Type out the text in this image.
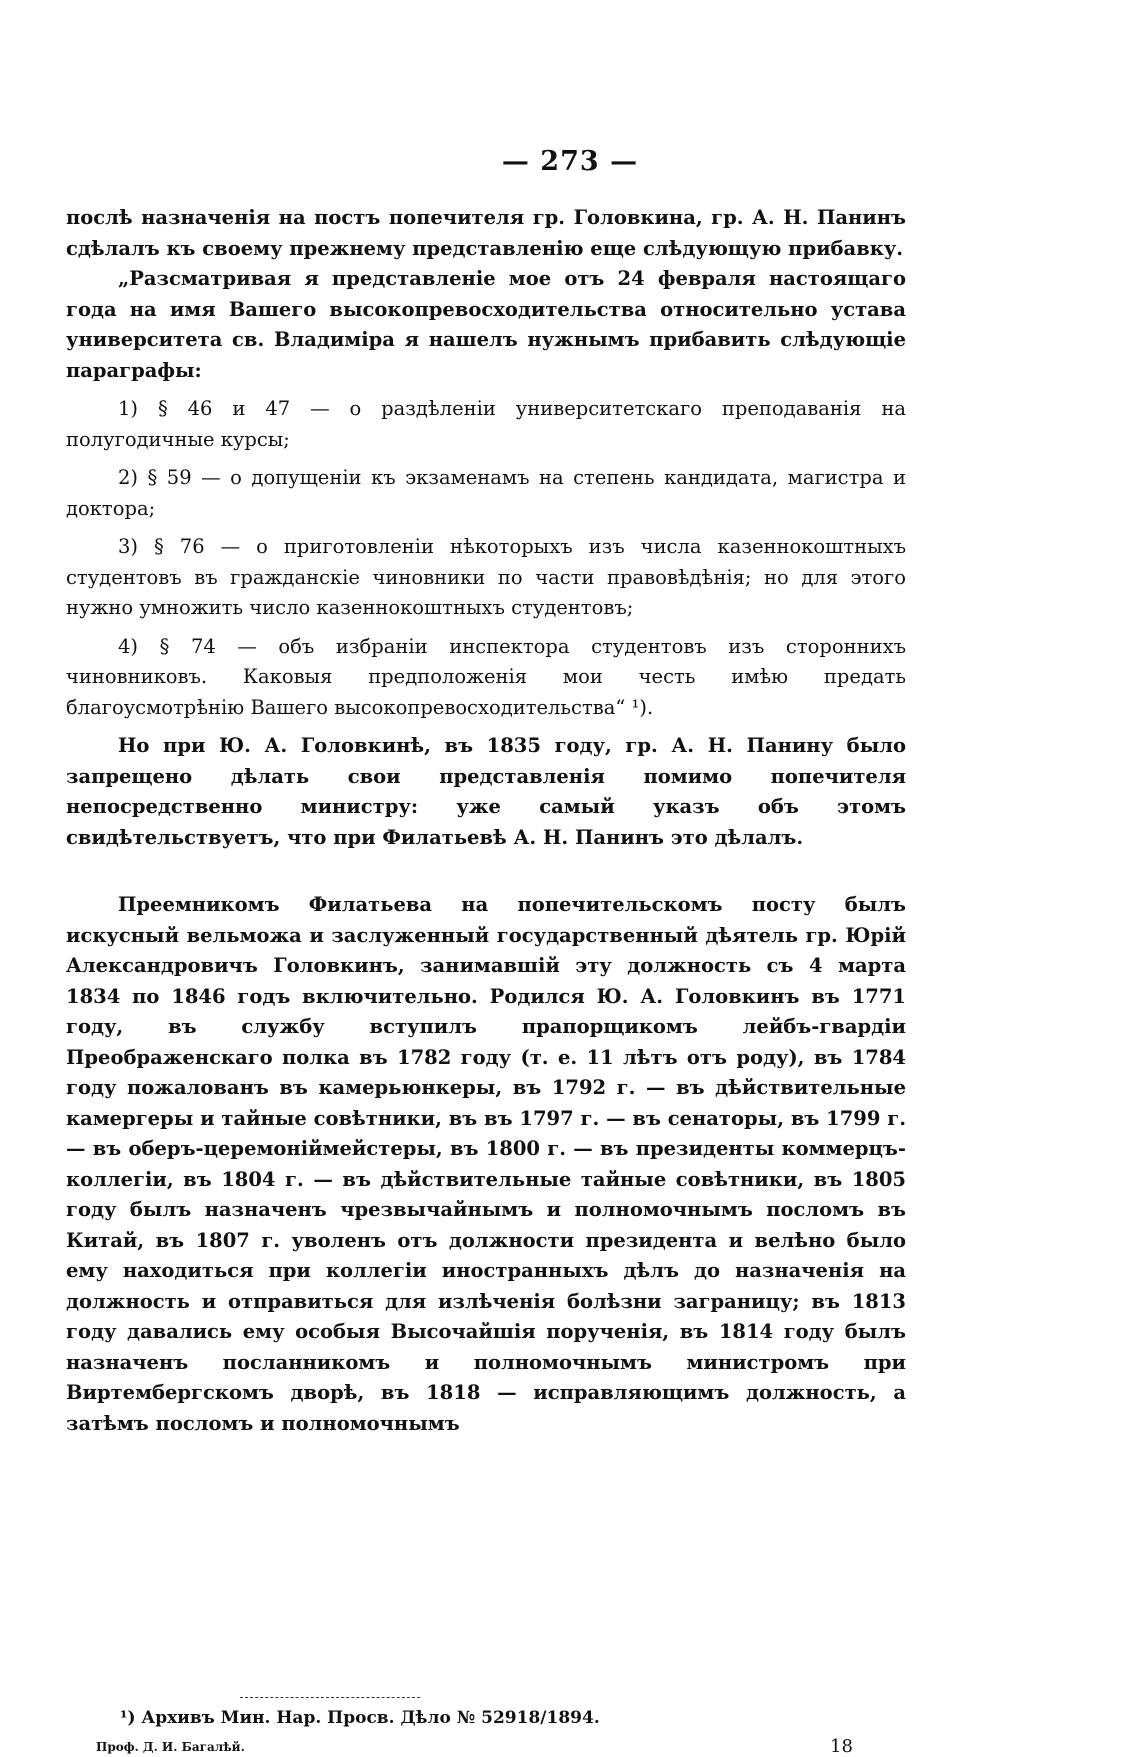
— 273 —

послѣ назначенія на постъ попечителя гр. Головкина, гр. А. Н. Панинъ сдѣлалъ къ своему прежнему представленію еще слѣдующую прибавку.

„Разсматривая я представленіе мое отъ 24 февраля настоящаго года на имя Вашего высокопревосходительства относительно устава университета св. Владиміра я нашелъ нужнымъ прибавить слѣдующіе параграфы:

1) § 46 и 47 — о раздѣленіи университетскаго преподаванія на полугодичные курсы;

2) § 59 — о допущеніи къ экзаменамъ на степень кандидата, магистра и доктора;

3) § 76 — о приготовленіи нѣкоторыхъ изъ числа казеннокоштныхъ студентовъ въ гражданскіе чиновники по части правовѣдѣнія; но для этого нужно умножить число казеннокоштныхъ студентовъ;

4) § 74 — объ избраніи инспектора студентовъ изъ стороннихъ чиновниковъ. Каковыя предположенія мои честь имѣю предать благоусмотрѣнію Вашего высокопревосходительства“ ¹).

Но при Ю. А. Головкинѣ, въ 1835 году, гр. А. Н. Панину было запрещено дѣлать свои представленія помимо попечителя непосредственно министру: уже самый указъ объ этомъ свидѣтельствуетъ, что при Филатьевѣ А. Н. Панинъ это дѣлалъ.

Преемникомъ Филатьева на попечительскомъ посту былъ искусный вельможа и заслуженный государственный дѣятель гр. Юрій Александровичъ Головкинъ, занимавшій эту должность съ 4 марта 1834 по 1846 годъ включительно. Родился Ю. А. Головкинъ въ 1771 году, въ службу вступилъ прапорщикомъ лейбъ-гвардіи Преображенскаго полка въ 1782 году (т. е. 11 лѣтъ отъ роду), въ 1784 году пожалованъ въ камерьюнкеры, въ 1792 г. — въ дѣйствительные камергеры и тайные совѣтники, въ въ 1797 г. — въ сенаторы, въ 1799 г. — въ оберъ-церемоніймейстеры, въ 1800 г. — въ президенты коммерцъ-коллегіи, въ 1804 г. — въ дѣйствительные тайные совѣтники, въ 1805 году былъ назначенъ чрезвычайнымъ и полномочнымъ посломъ въ Китай, въ 1807 г. уволенъ отъ должности президента и велѣно было ему находиться при коллегіи иностранныхъ дѣлъ до назначенія на должность и отправиться для излѣченія болѣзни заграницу; въ 1813 году давались ему особыя Высочайшія порученія, въ 1814 году былъ назначенъ посланникомъ и полномочнымъ министромъ при Виртембергскомъ дворѣ, въ 1818 — исправляющимъ должность, а затѣмъ посломъ и полномочнымъ

¹) Архивъ Мин. Нар. Просв. Дѣло № 52918/1894.
Проф. Д. И. Багалѣй.	18
